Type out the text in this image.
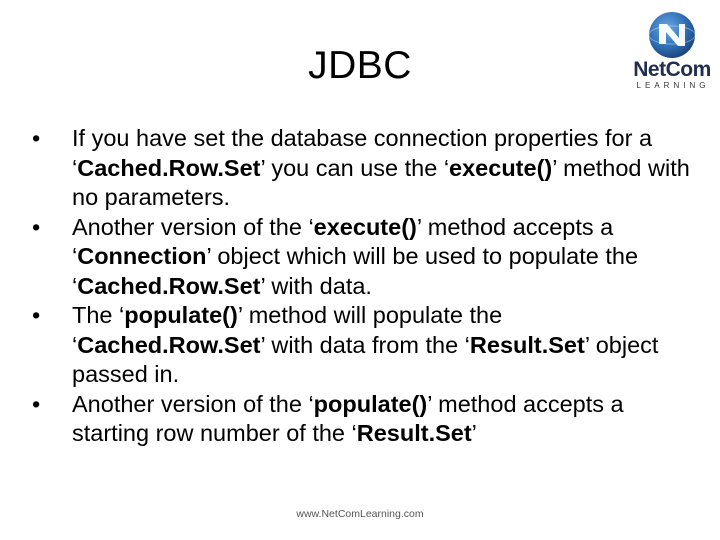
JDBC	NetCom
LEARNING
•	If you have set the database connection properties for a ‘Cached.Row.Set’ you can use the ‘execute()’ method with no parameters.
•	Another version of the ‘execute()’ method accepts a ‘Connection’ object which will be used to populate the ‘Cached.Row.Set’ with data.
•	The ‘populate()’ method will populate the ‘Cached.Row.Set’ with data from the ‘Result.Set’ object passed in.
•	Another version of the ‘populate()’ method accepts a starting row number of the ‘Result.Set’
www.NetComLearning.com
